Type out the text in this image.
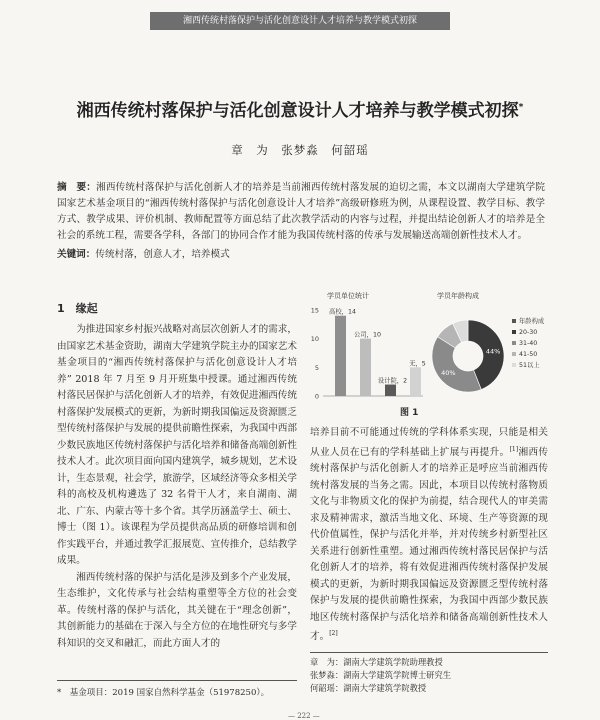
湘西传统村落保护与活化创意设计人才培养与教学模式初探
湘西传统村落保护与活化创意设计人才培养与教学模式初探*
章　为　张梦淼　何韶瑶
摘　要：湘西传统村落保护与活化创新人才的培养是当前湘西传统村落发展的迫切之需，本文以湖南大学建筑学院国家艺术基金项目的“湘西传统村落保护与活化创意设计人才培养”高级研修班为例，从课程设置、教学目标、教学方式、教学成果、评价机制、教师配置等方面总结了此次教学活动的内容与过程，并提出结论创新人才的培养是全社会的系统工程，需要各学科，各部门的协同合作才能为我国传统村落的传承与发展输送高端创新性技术人才。
关键词：传统村落，创意人才，培养模式
1　缘起

为推进国家乡村振兴战略对高层次创新人才的需求，由国家艺术基金资助，湖南大学建筑学院主办的国家艺术基金项目的“湘西传统村落保护与活化创意设计人才培养” 2018 年 7 月至 9 月开班集中授课。通过湘西传统村落民居保护与活化创新人才的培养，有效促进湘西传统村落保护发展模式的更新，为新时期我国偏远及资源匮乏型传统村落保护与发展的提供前瞻性探索，为我国中西部少数民族地区传统村落保护与活化培养和储备高端创新性技术人才。此次项目面向国内建筑学，城乡规划，艺术设计，生态景观，社会学，旅游学，区域经济等众多相关学科的高校及机构遴选了 32 名骨干人才，来自湖南、湖北、广东、内蒙古等十多个省。其学历涵盖学士、硕士、博士（图 1）。该课程为学员提供高品质的研修培训和创作实践平台，并通过教学汇报展览、宣传推介，总结教学成果。

湘西传统村落的保护与活化是涉及到多个产业发展，生态维护，文化传承与社会结构重塑等全方位的社会变革。传统村落的保护与活化，其关键在于“理念创新”，其创新能力的基础在于深入与全方位的在地性研究与多学科知识的交叉和融汇，而此方面人才的

学员单位统计	学员年龄构成
0
5
10
15 高校，14
公司，10
设计院，2
无，5
44%
40%
年龄构成
20-30
31-40
41-50
51以上
图 1

培养目前不可能通过传统的学科体系实现，只能是相关从业人员在已有的学科基础上扩展与再提升。[1]湘西传统村落保护与活化创新人才的培养正是呼应当前湘西传统村落发展的当务之需。因此，本项目以传统村落物质文化与非物质文化的保护为前提，结合现代人的审美需求及精神需求，激活当地文化、环境、生产等资源的现代价值属性，保护与活化并举，并对传统乡村新型社区关系进行创新性重塑。通过湘西传统村落民居保护与活化创新人才的培养，将有效促进湘西传统村落保护发展模式的更新，为新时期我国偏远及资源匮乏型传统村落保护与发展的提供前瞻性探索，为我国中西部少数民族地区传统村落保护与活化培养和储备高端创新性技术人才。[2]

章　为：湖南大学建筑学院助理教授
张梦淼：湖南大学建筑学院博士研究生
何韶瑶：湖南大学建筑学院教授
*　基金项目：2019 国家自然科学基金（51978250）。
— 222 —
